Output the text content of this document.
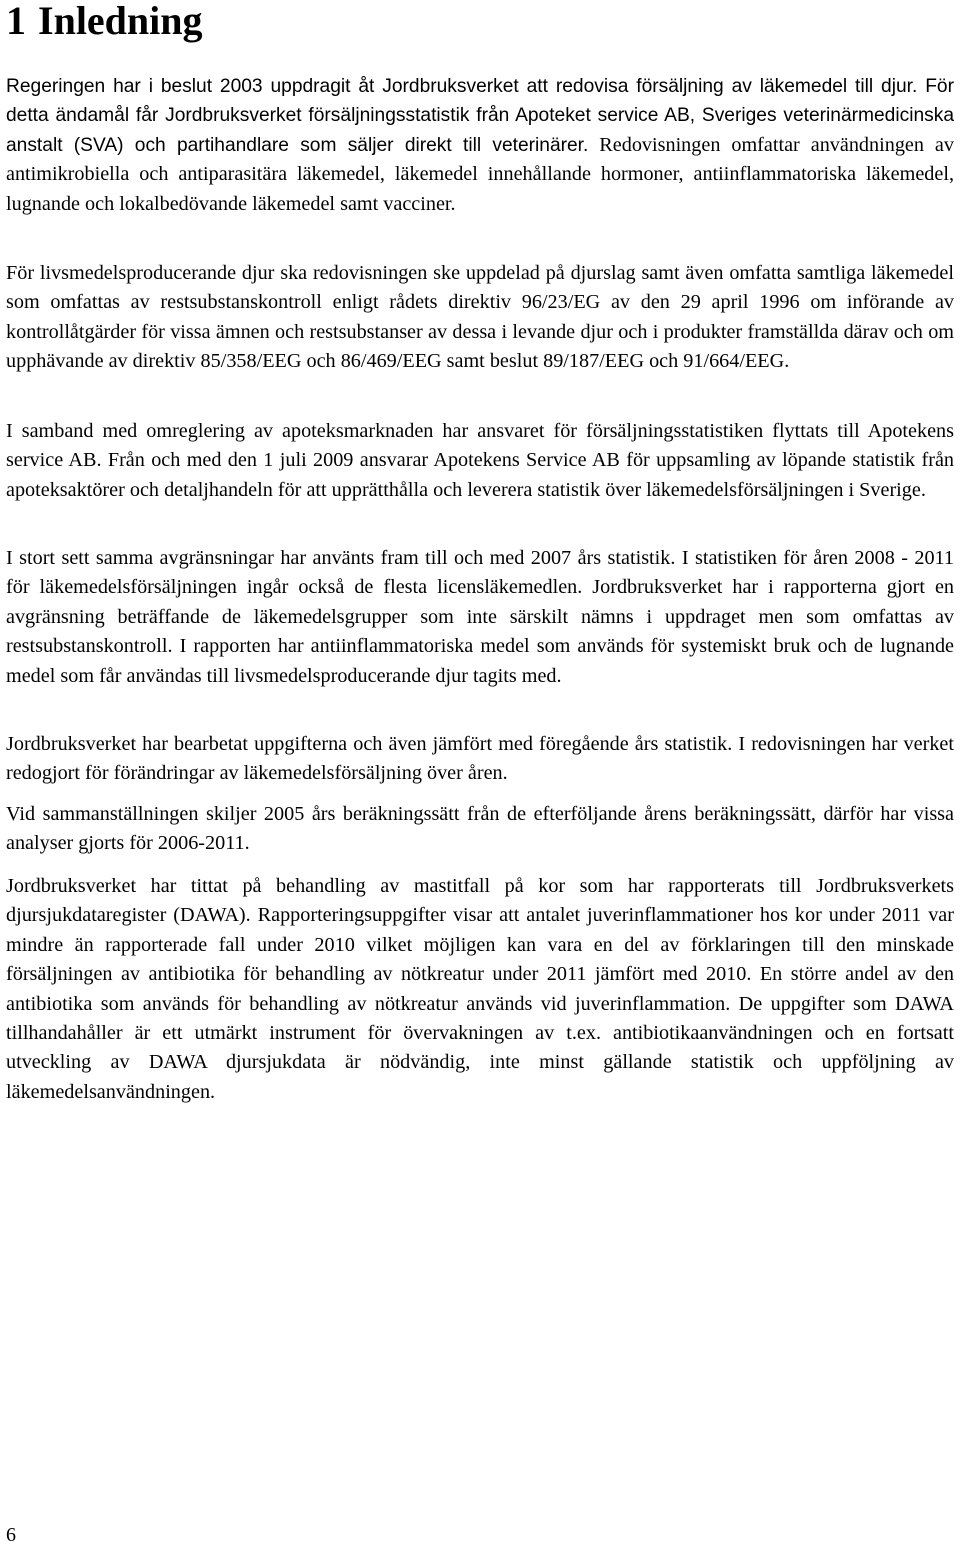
1 Inledning

Regeringen har i beslut 2003 uppdragit åt Jordbruksverket att redovisa försäljning av läkemedel till djur. För detta ändamål får Jordbruksverket försäljningsstatistik från Apoteket service AB, Sveriges veterinärmedicinska anstalt (SVA) och partihandlare som säljer direkt till veterinärer. Redovisningen omfattar användningen av antimikrobiella och antiparasitära läkemedel, läkemedel innehållande hormoner, antiinflammatoriska läkemedel, lugnande och lokalbedövande läkemedel samt vacciner.

För livsmedelsproducerande djur ska redovisningen ske uppdelad på djurslag samt även omfatta samtliga läkemedel som omfattas av restsubstanskontroll enligt rådets direktiv 96/23/EG av den 29 april 1996 om införande av kontrollåtgärder för vissa ämnen och restsubstanser av dessa i levande djur och i produkter framställda därav och om upphävande av direktiv 85/358/EEG och 86/469/EEG samt beslut 89/187/EEG och 91/664/EEG.

I samband med omreglering av apoteksmarknaden har ansvaret för försäljningsstatistiken flyttats till Apotekens service AB. Från och med den 1 juli 2009 ansvarar Apotekens Service AB för uppsamling av löpande statistik från apoteksaktörer och detaljhandeln för att upprätthålla och leverera statistik över läkemedelsförsäljningen i Sverige.

I stort sett samma avgränsningar har använts fram till och med 2007 års statistik. I statistiken för åren 2008 - 2011 för läkemedelsförsäljningen ingår också de flesta licensläkemedlen. Jordbruksverket har i rapporterna gjort en avgränsning beträffande de läkemedelsgrupper som inte särskilt nämns i uppdraget men som omfattas av restsubstanskontroll. I rapporten har antiinflammatoriska medel som används för systemiskt bruk och de lugnande medel som får användas till livsmedelsproducerande djur tagits med.

Jordbruksverket har bearbetat uppgifterna och även jämfört med föregående års statistik. I redovisningen har verket redogjort för förändringar av läkemedelsförsäljning över åren.

Vid sammanställningen skiljer 2005 års beräkningssätt från de efterföljande årens beräkningssätt, därför har vissa analyser gjorts för 2006-2011.

Jordbruksverket har tittat på behandling av mastitfall på kor som har rapporterats till Jordbruksverkets djursjukdataregister (DAWA). Rapporteringsuppgifter visar att antalet juverinflammationer hos kor under 2011 var mindre än rapporterade fall under 2010 vilket möjligen kan vara en del av förklaringen till den minskade försäljningen av antibiotika för behandling av nötkreatur under 2011 jämfört med 2010. En större andel av den antibiotika som används för behandling av nötkreatur används vid juverinflammation. De uppgifter som DAWA tillhandahåller är ett utmärkt instrument för övervakningen av t.ex. antibiotikaanvändningen och en fortsatt utveckling av DAWA djursjukdata är nödvändig, inte minst gällande statistik och uppföljning av läkemedelsanvändningen.

6
